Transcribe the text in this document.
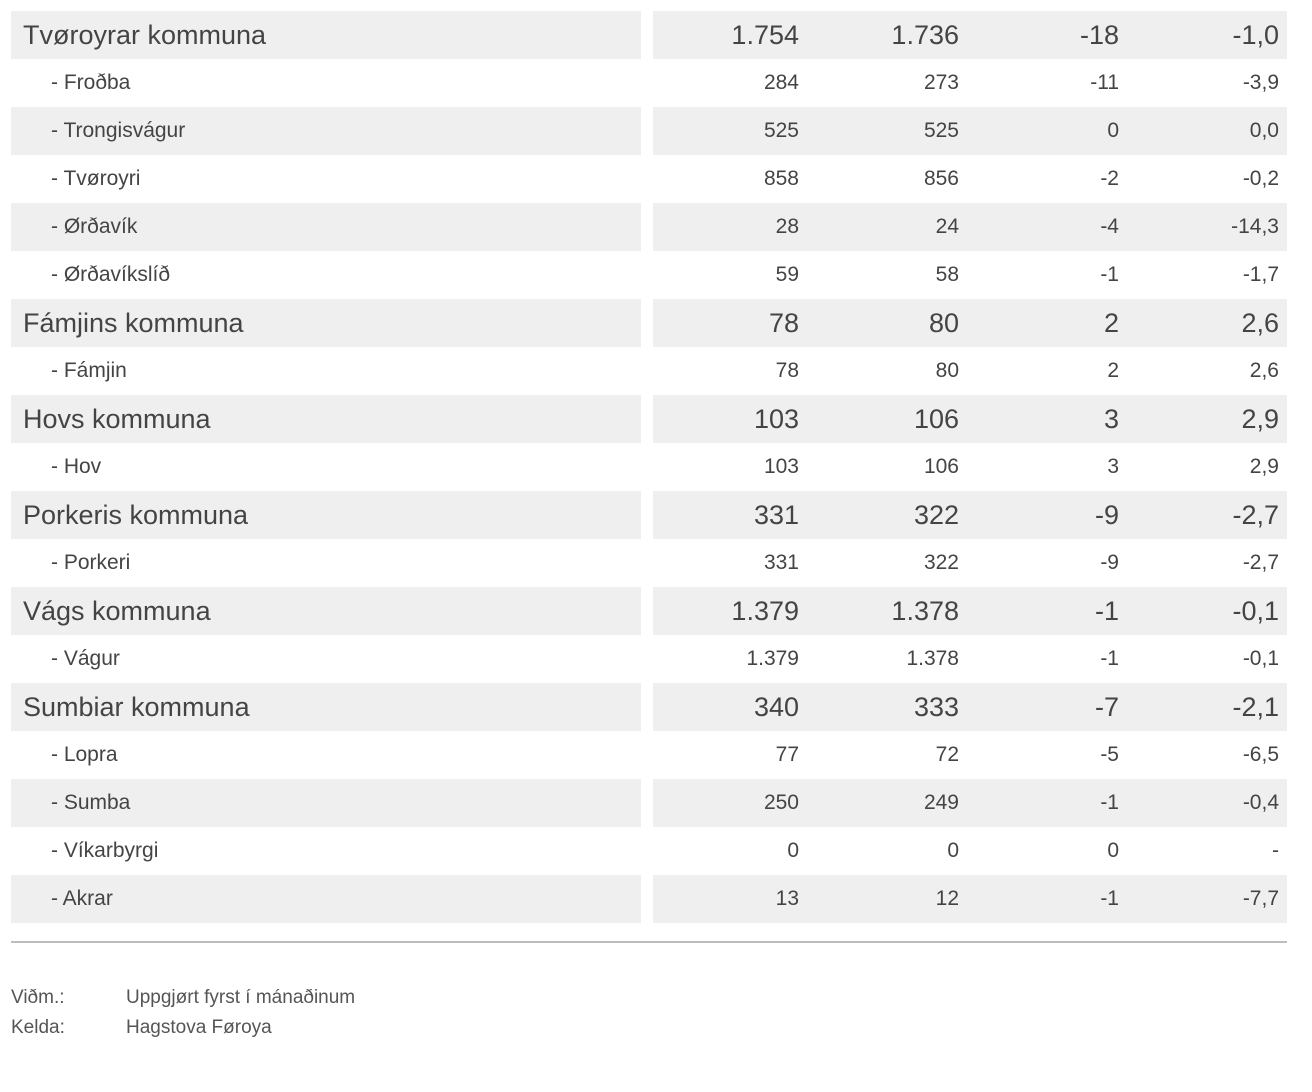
Tvøroyrar kommuna	1.754	1.736	-18	-1,0
- Froðba	284	273	-11	-3,9
- Trongisvágur	525	525	0	0,0
- Tvøroyri	858	856	-2	-0,2
- Ørðavík	28	24	-4	-14,3
- Ørðavíkslíð	59	58	-1	-1,7
Fámjins kommuna	78	80	2	2,6
- Fámjin	78	80	2	2,6
Hovs kommuna	103	106	3	2,9
- Hov	103	106	3	2,9
Porkeris kommuna	331	322	-9	-2,7
- Porkeri	331	322	-9	-2,7
Vágs kommuna	1.379	1.378	-1	-0,1
- Vágur	1.379	1.378	-1	-0,1
Sumbiar kommuna	340	333	-7	-2,1
- Lopra	77	72	-5	-6,5
- Sumba	250	249	-1	-0,4
- Víkarbyrgi	0	0	0	-
- Akrar	13	12	-1	-7,7
Viðm.:	Uppgjørt fyrst í mánaðinum
Kelda:	Hagstova Føroya
